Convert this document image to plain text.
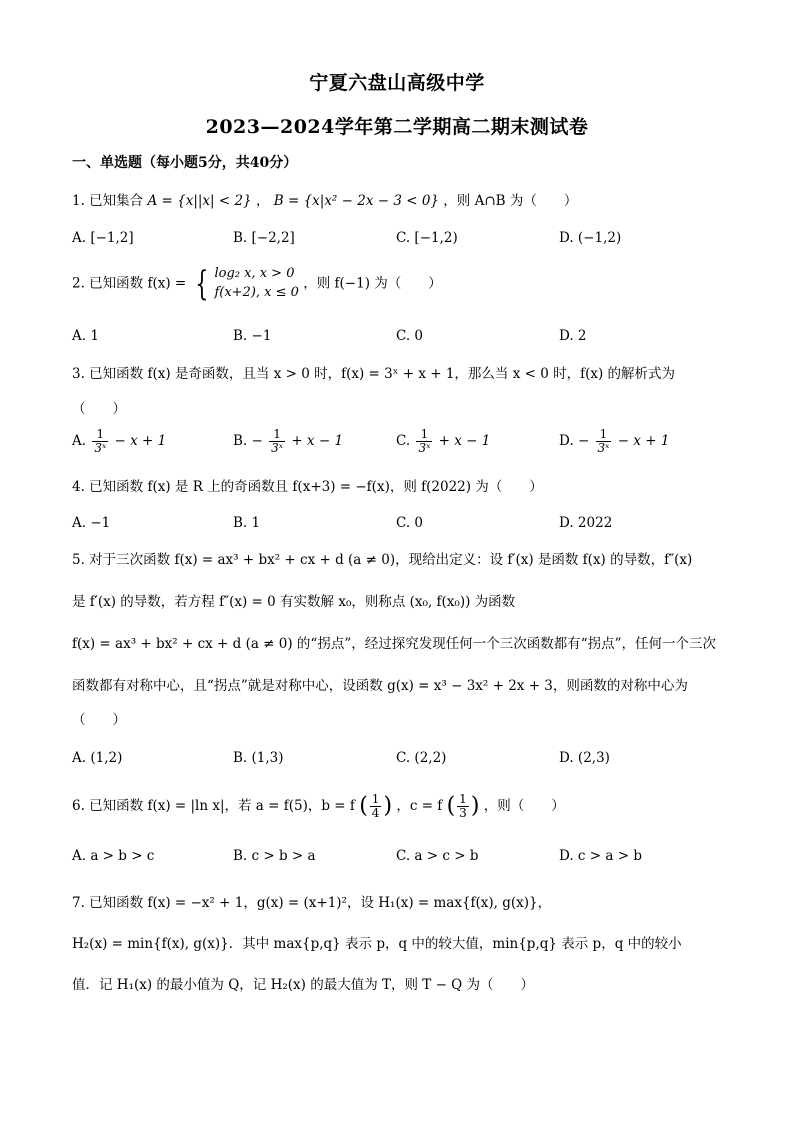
宁夏六盘山高级中学
2023—2024学年第二学期高二期末测试卷
一、单选题（每小题5分，共40分）
1. 已知集合 A = {x||x| < 2} ， B = {x|x² − 2x − 3 < 0} ，则 A∩B 为（　　）
A. [−1,2]	B. [−2,2]	C. [−1,2)	D. (−1,2)
2. 已知函数 f(x) = { log₂ x, x > 0
f(x+2), x ≤ 0
，则 f(−1) 为（　　）
A. 1	B. −1	C. 0	D. 2
3. 已知函数 f(x) 是奇函数，且当 x > 0 时，f(x) = 3ˣ + x + 1，那么当 x < 0 时，f(x) 的解析式为
（　　）
A. $\frac{1}{\text{3ˣ}} - x + 1$	B. − $\frac{1}{\text{3ˣ}} + x - 1$	C. $\frac{1}{\text{3ˣ}} + x - 1$	D. − $\frac{1}{\text{3ˣ}} - x + 1$
4. 已知函数 f(x) 是 R 上的奇函数且 f(x+3) = −f(x)，则 f(2022) 为（　　）
A. −1	B. 1	C. 0	D. 2022
5. 对于三次函数 f(x) = ax³ + bx² + cx + d (a ≠ 0)，现给出定义：设 f′(x) 是函数 f(x) 的导数，f″(x)
是 f′(x) 的导数，若方程 f″(x) = 0 有实数解 x₀，则称点 (x₀, f(x₀)) 为函数
f(x) = ax³ + bx² + cx + d (a ≠ 0) 的“拐点”，经过探究发现任何一个三次函数都有“拐点”，任何一个三次
函数都有对称中心，且“拐点”就是对称中心，设函数 g(x) = x³ − 3x² + 2x + 3，则函数的对称中心为
（　　）
A. (1,2)	B. (1,3)	C. (2,2)	D. (2,3)
6. 已知函数 f(x) = |ln x|，若 a = f(5)，b = f ( $\frac{1}{4}$ ) ，c = f ( $\frac{1}{3}$ ) ，则（　　）
A. a > b > c	B. c > b > a	C. a > c > b	D. c > a > b
7. 已知函数 f(x) = −x² + 1，g(x) = (x+1)²，设 H₁(x) = max{f(x), g(x)}，
H₂(x) = min{f(x), g(x)}．其中 max{p,q} 表示 p，q 中的较大值，min{p,q} 表示 p，q 中的较小
值．记 H₁(x) 的最小值为 Q，记 H₂(x) 的最大值为 T，则 T − Q 为（　　）
